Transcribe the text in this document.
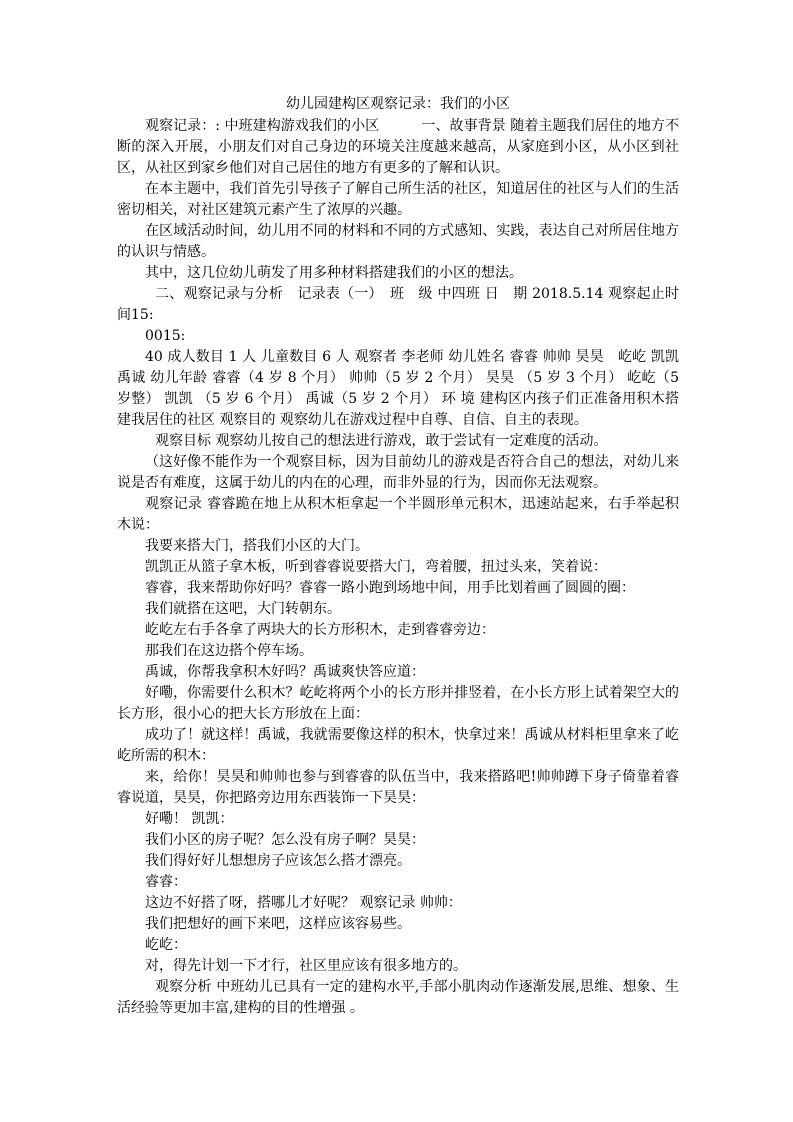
幼儿园建构区观察记录：我们的小区

观察记录：: 中班建构游戏我们的小区　　　一、故事背景 随着主题我们居住的地方不断的深入开展，小朋友们对自己身边的环境关注度越来越高，从家庭到小区，从小区到社区，从社区到家乡他们对自己居住的地方有更多的了解和认识。

在本主题中，我们首先引导孩子了解自己所生活的社区，知道居住的社区与人们的生活密切相关，对社区建筑元素产生了浓厚的兴趣。

在区域活动时间，幼儿用不同的材料和不同的方式感知、实践，表达自己对所居住地方的认识与情感。

其中，这几位幼儿萌发了用多种材料搭建我们的小区的想法。

二、观察记录与分析　记录表（一）　班　级 中四班 日　期 2018.5.14 观察起止时间15:

0015:

40 成人数目 1 人 儿童数目 6 人 观察者 李老师 幼儿姓名 睿睿 帅帅 昊昊　屹屹 凯凯　禹诚 幼儿年龄 睿睿（4 岁 8 个月） 帅帅（5 岁 2 个月） 昊昊 （5 岁 3 个月） 屹屹（5 岁整） 凯凯 （5 岁 6 个月） 禹诚（5 岁 2 个月） 环 境 建构区内孩子们正准备用积木搭建我居住的社区 观察目的 观察幼儿在游戏过程中自尊、自信、自主的表现。

观察目标 观察幼儿按自己的想法进行游戏，敢于尝试有一定难度的活动。

（这好像不能作为一个观察目标，因为目前幼儿的游戏是否符合自己的想法，对幼儿来说是否有难度，这属于幼儿的内在的心理，而非外显的行为，因而你无法观察。

观察记录 睿睿跪在地上从积木柜拿起一个半圆形单元积木，迅速站起来，右手举起积木说：

我要来搭大门，搭我们小区的大门。

凯凯正从篮子拿木板，听到睿睿说要搭大门，弯着腰，扭过头来，笑着说：

睿睿，我来帮助你好吗？睿睿一路小跑到场地中间，用手比划着画了圆圆的圈：

我们就搭在这吧，大门转朝东。

屹屹左右手各拿了两块大的长方形积木，走到睿睿旁边：

那我们在这边搭个停车场。

禹诚，你帮我拿积木好吗？禹诚爽快答应道：

好嘞，你需要什么积木？屹屹将两个小的长方形并排竖着，在小长方形上试着架空大的长方形，很小心的把大长方形放在上面：

成功了！就这样！禹诚，我就需要像这样的积木，快拿过来！禹诚从材料柜里拿来了屹屹所需的积木：

来，给你！昊昊和帅帅也参与到睿睿的队伍当中，我来搭路吧!帅帅蹲下身子倚靠着睿睿说道，昊昊，你把路旁边用东西装饰一下昊昊：

好嘞！ 凯凯：

我们小区的房子呢？怎么没有房子啊？昊昊：

我们得好好儿想想房子应该怎么搭才漂亮。

睿睿：

这边不好搭了呀，搭哪儿才好呢？ 观察记录 帅帅：

我们把想好的画下来吧，这样应该容易些。

屹屹：

对，得先计划一下才行，社区里应该有很多地方的。

观察分析 中班幼儿已具有一定的建构水平,手部小肌肉动作逐渐发展,思维、想象、生活经验等更加丰富,建构的目的性增强 。
